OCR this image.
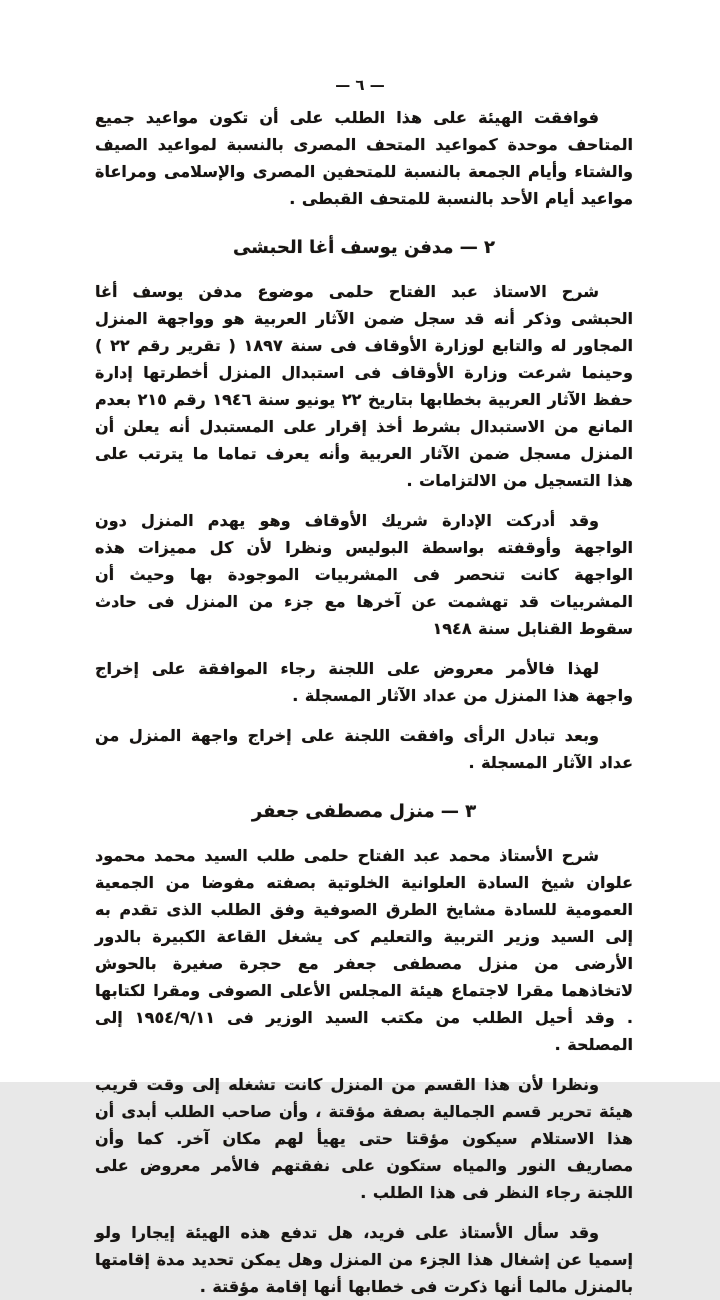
— ٦ —

فوافقت الهيئة على هذا الطلب على أن تكون مواعيد جميع المتاحف موحدة كمواعيد المتحف المصرى بالنسبة لمواعيد الصيف والشتاء وأيام الجمعة بالنسبة للمتحفين المصرى والإسلامى ومراعاة مواعيد أيام الأحد بالنسبة للمتحف القبطى .

٢ — مدفن يوسف أغا الحبشى

شرح الاستاذ عبد الفتاح حلمى موضوع مدفن يوسف أغا الحبشى وذكر أنه قد سجل ضمن الآثار العربية هو وواجهة المنزل المجاور له والتابع لوزارة الأوقاف فى سنة ١٨٩٧ ( تقرير رقم ٢٢ ) وحينما شرعت وزارة الأوقاف فى استبدال المنزل أخطرتها إدارة حفظ الآثار العربية بخطابها بتاريخ ٢٢ يونيو سنة ١٩٤٦ رقم ٢١٥ بعدم المانع من الاستبدال بشرط أخذ إقرار على المستبدل أنه يعلن أن المنزل مسجل ضمن الآثار العربية وأنه يعرف تماما ما يترتب على هذا التسجيل من الالتزامات .

وقد أدركت الإدارة شريك الأوقاف وهو يهدم المنزل دون الواجهة وأوقفته بواسطة البوليس ونظرا لأن كل مميزات هذه الواجهة كانت تنحصر فى المشربيات الموجودة بها وحيث أن المشربيات قد تهشمت عن آخرها مع جزء من المنزل فى حادث سقوط القنابل سنة ١٩٤٨

لهذا فالأمر معروض على اللجنة رجاء الموافقة على إخراج واجهة هذا المنزل من عداد الآثار المسجلة .

وبعد تبادل الرأى وافقت اللجنة على إخراج واجهة المنزل من عداد الآثار المسجلة .

٣ — منزل مصطفى جعفر

شرح الأستاذ محمد عبد الفتاح حلمى طلب السيد محمد محمود علوان شيخ السادة العلوانية الخلوتية بصفته مفوضا من الجمعية العمومية للسادة مشايخ الطرق الصوفية وفق الطلب الذى تقدم به إلى السيد وزير التربية والتعليم كى يشغل القاعة الكبيرة بالدور الأرضى من منزل مصطفى جعفر مع حجرة صغيرة بالحوش لاتخاذهما مقرا لاجتماع هيئة المجلس الأعلى الصوفى ومقرا لكتابها . وقد أحيل الطلب من مكتب السيد الوزير فى ١٩٥٤/٩/١١ إلى المصلحة .

ونظرا لأن هذا القسم من المنزل كانت تشغله إلى وقت قريب هيئة تحرير قسم الجمالية بصفة مؤقتة ، وأن صاحب الطلب أبدى أن هذا الاستلام سيكون مؤقتا حتى يهيأ لهم مكان آخر. كما وأن مصاريف النور والمياه ستكون على نفقتهم فالأمر معروض على اللجنة رجاء النظر فى هذا الطلب .

وقد سأل الأستاذ على فريد، هل تدفع هذه الهيئة إيجارا ولو إسميا عن إشغال هذا الجزء من المنزل وهل يمكن تحديد مدة إقامتها بالمنزل مالما أنها ذكرت فى خطابها أنها إقامة مؤقتة .
